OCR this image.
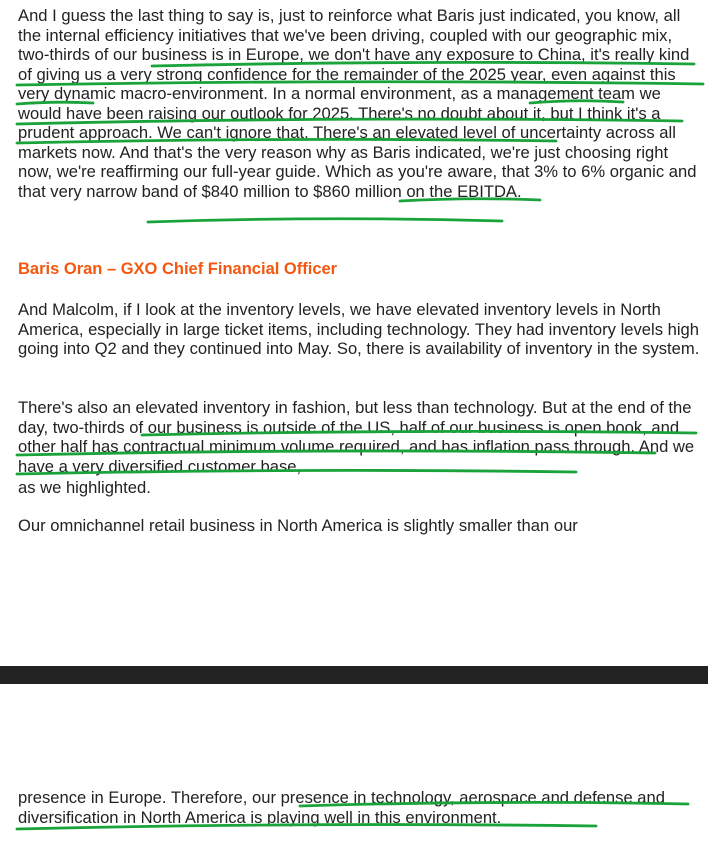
And I guess the last thing to say is, just to reinforce what Baris just indicated, you know, all the internal efficiency initiatives that we've been driving, coupled with our geographic mix, two-thirds of our business is in Europe, we don't have any exposure to China, it's really kind of giving us a very strong confidence for the remainder of the 2025 year, even against this very dynamic macro-environment. In a normal environment, as a management team we would have been raising our outlook for 2025. There's no doubt about it, but I think it's a prudent approach. We can't ignore that. There's an elevated level of uncertainty across all markets now. And that's the very reason why as Baris indicated, we're just choosing right now, we're reaffirming our full-year guide. Which as you're aware, that 3% to 6% organic and that very narrow band of $840 million to $860 million on the EBITDA.

Baris Oran – GXO Chief Financial Officer

And Malcolm, if I look at the inventory levels, we have elevated inventory levels in North America, especially in large ticket items, including technology. They had inventory levels high going into Q2 and they continued into May. So, there is availability of inventory in the system.

There's also an elevated inventory in fashion, but less than technology. But at the end of the day, two-thirds of our business is outside of the US, half of our business is open book, and other half has contractual minimum volume required, and has inflation pass through. And we have a very diversified customer base,

as we highlighted.

Our omnichannel retail business in North America is slightly smaller than our

presence in Europe. Therefore, our presence in technology, aerospace and defense and diversification in North America is playing well in this environment.
